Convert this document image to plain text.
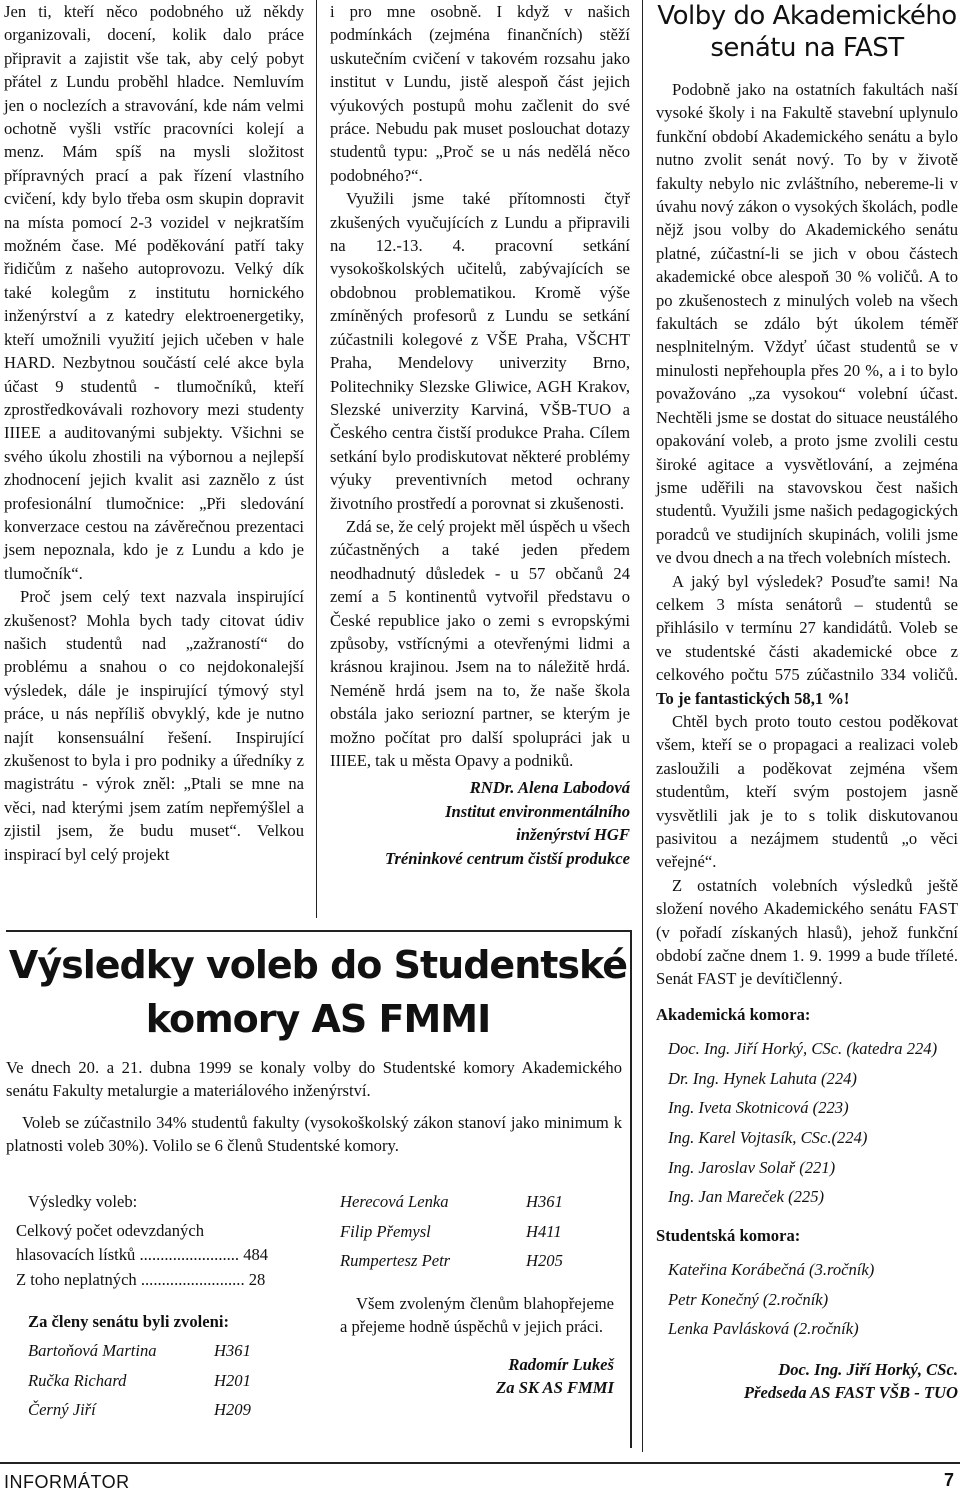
Jen ti, kteří něco podobného už někdy organizovali, docení, kolik dalo práce připravit a zajistit vše tak, aby celý pobyt přátel z Lundu proběhl hladce. Nemluvím jen o noclezích a stravování, kde nám velmi ochotně vyšli vstříc pracovníci kolejí a menz. Mám spíš na mysli složitost přípravných prací a pak řízení vlastního cvičení, kdy bylo třeba osm skupin dopravit na místa pomocí 2-3 vozidel v nejkratším možném čase. Mé poděkování patří taky řidičům z našeho autoprovozu. Velký dík také kolegům z institutu hornického inženýrství a z katedry elektroenergetiky, kteří umožnili využití jejich učeben v hale HARD. Nezbytnou součástí celé akce byla účast 9 studentů - tlumočníků, kteří zprostředkovávali rozhovory mezi studenty IIIEE a auditovanými subjekty. Všichni se svého úkolu zhostili na výbornou a nejlepší zhodnocení jejich kvalit asi zaznělo z úst profesionální tlumočnice: „Při sledování konverzace cestou na závěrečnou prezentaci jsem nepoznala, kdo je z Lundu a kdo je tlumočník“.

Proč jsem celý text nazvala inspirující zkušenost? Mohla bych tady citovat údiv našich studentů nad „zažraností“ do problému a snahou o co nejdokonalejší výsledek, dále je inspirující týmový styl práce, u nás nepříliš obvyklý, kde je nutno najít konsensuální řešení. Inspirující zkušenost to byla i pro podniky a úředníky z magistrátu - výrok zněl: „Ptali se mne na věci, nad kterými jsem zatím nepřemýšlel a zjistil jsem, že budu muset“. Velkou inspirací byl celý projekt

i pro mne osobně. I když v našich podmínkách (zejména finančních) stěží uskutečním cvičení v takovém rozsahu jako institut v Lundu, jistě alespoň část jejich výukových postupů mohu začlenit do své práce. Nebudu pak muset poslouchat dotazy studentů typu: „Proč se u nás nedělá něco podobného?“.

Využili jsme také přítomnosti čtyř zkušených vyučujících z Lundu a připravili na 12.-13. 4. pracovní setkání vysokoškolských učitelů, zabývajících se obdobnou problematikou. Kromě výše zmíněných profesorů z Lundu se setkání zúčastnili kolegové z VŠE Praha, VŠCHT Praha, Mendelovy univerzity Brno, Politechniky Slezske Gliwice, AGH Krakov, Slezské univerzity Karviná, VŠB-TUO a Českého centra čistší produkce Praha. Cílem setkání bylo prodiskutovat některé problémy výuky preventivních metod ochrany životního prostředí a porovnat si zkušenosti.

Zdá se, že celý projekt měl úspěch u všech zúčastněných a také jeden předem neodhadnutý důsledek - u 57 občanů 24 zemí a 5 kontinentů vytvořil představu o České republice jako o zemi s evropskými způsoby, vstřícnými a otevřenými lidmi a krásnou krajinou. Jsem na to náležitě hrdá. Neméně hrdá jsem na to, že naše škola obstála jako seriozní partner, se kterým je možno počítat pro další spolupráci jak u IIIEE, tak u města Opavy a podniků.

RNDr. Alena Labodová
Institut environmentálního
inženýrství HGF
Tréninkové centrum čistší produkce
Volby do Akademického senátu na FAST

Podobně jako na ostatních fakultách naší vysoké školy i na Fakultě stavební uplynulo funkční období Akademického senátu a bylo nutno zvolit senát nový. To by v životě fakulty nebylo nic zvláštního, nebereme-li v úvahu nový zákon o vysokých školách, podle nějž jsou volby do Akademického senátu platné, zúčastní-li se jich v obou částech akademické obce alespoň 30 % voličů. A to po zkušenostech z minulých voleb na všech fakultách se zdálo být úkolem téměř nesplnitelným. Vždyť účast studentů se v minulosti nepřehoupla přes 20 %, a i to bylo považováno „za vysokou“ volební účast. Nechtěli jsme se dostat do situace neustálého opakování voleb, a proto jsme zvolili cestu široké agitace a vysvětlování, a zejména jsme uděřili na stavovskou čest našich studentů. Využili jsme našich pedagogických poradců ve studijních skupinách, volili jsme ve dvou dnech a na třech volebních místech.

A jaký byl výsledek? Posuďte sami! Na celkem 3 místa senátorů – studentů se přihlásilo v termínu 27 kandidátů. Voleb se ve studentské části akademické obce z celkového počtu 575 zúčastnilo 334 voličů. To je fantastických 58,1 %!

Chtěl bych proto touto cestou poděkovat všem, kteří se o propagaci a realizaci voleb zasloužili a poděkovat zejména všem studentům, kteří svým postojem jasně vysvětlili jak je to s tolik diskutovanou pasivitou a nezájmem studentů „o věci veřejné“.

Z ostatních volebních výsledků ještě složení nového Akademického senátu FAST (v pořadí získaných hlasů), jehož funkční období začne dnem 1. 9. 1999 a bude tříleté. Senát FAST je devítičlenný.

Akademická komora:
Doc. Ing. Jiří Horký, CSc. (katedra 224)
Dr. Ing. Hynek Lahuta (224)
Ing. Iveta Skotnicová (223)
Ing. Karel Vojtasík, CSc.(224)
Ing. Jaroslav Solař (221)
Ing. Jan Mareček (225)
Studentská komora:
Kateřina Korábečná (3.ročník)
Petr Konečný (2.ročník)
Lenka Pavlásková (2.ročník)
Doc. Ing. Jiří Horký, CSc.
Předseda AS FAST VŠB - TUO
Výsledky voleb do Studentské
komory AS FMMI

Ve dnech 20. a 21. dubna 1999 se konaly volby do Studentské komory Akademického senátu Fakulty metalurgie a materiálového inženýrství.

Voleb se zúčastnilo 34% studentů fakulty (vysokoškolský zákon stanoví jako minimum k platnosti voleb 30%). Volilo se 6 členů Studentské komory.

Výsledky voleb:
Celkový počet odevzdaných
hlasovacích lístků ........................ 484
Z toho neplatných ......................... 28
Za členy senátu byli zvoleni:
Bartoňová Martina	H361
Ručka Richard	H201
Černý Jiří	H209
Herecová Lenka	H361
Filip Přemysl	H411
Rumpertesz Petr	H205
Všem zvoleným členům blahopřejeme a přejeme hodně úspěchů v jejich práci.
Radomír Lukeš
Za SK AS FMMI
INFORMÁTOR	7
